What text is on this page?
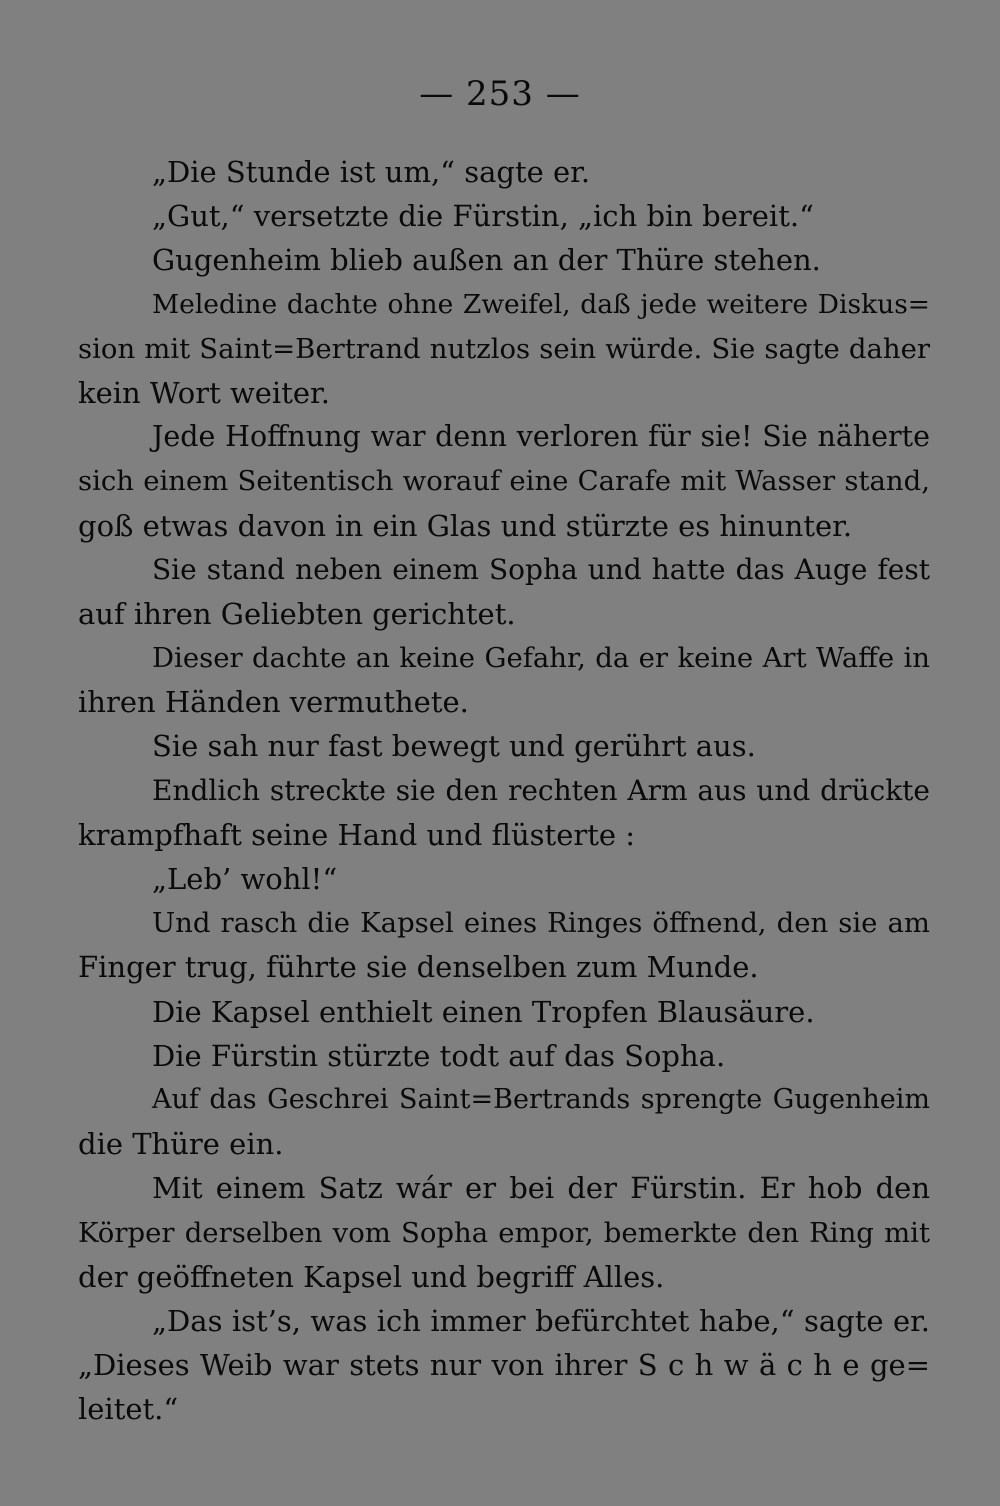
— 253 —
„Die Stunde ist um,“ sagte er.
„Gut,“ versetzte die Fürstin, „ich bin bereit.“
Gugenheim blieb außen an der Thüre stehen.
Meledine dachte ohne Zweifel, daß jede weitere Diskus=
sion mit Saint=Bertrand nutzlos sein würde. Sie sagte daher
kein Wort weiter.
Jede Hoffnung war denn verloren für sie! Sie näherte
sich einem Seitentisch worauf eine Carafe mit Wasser stand,
goß etwas davon in ein Glas und stürzte es hinunter.
Sie stand neben einem Sopha und hatte das Auge fest
auf ihren Geliebten gerichtet.
Dieser dachte an keine Gefahr, da er keine Art Waffe in
ihren Händen vermuthete.
Sie sah nur fast bewegt und gerührt aus.
Endlich streckte sie den rechten Arm aus und drückte
krampfhaft seine Hand und flüsterte :
„Leb’ wohl!“
Und rasch die Kapsel eines Ringes öffnend, den sie am
Finger trug, führte sie denselben zum Munde.
Die Kapsel enthielt einen Tropfen Blausäure.
Die Fürstin stürzte todt auf das Sopha.
Auf das Geschrei Saint=Bertrands sprengte Gugenheim
die Thüre ein.
Mit einem Satz wár er bei der Fürstin. Er hob den
Körper derselben vom Sopha empor, bemerkte den Ring mit
der geöffneten Kapsel und begriff Alles.
„Das ist’s, was ich immer befürchtet habe,“ sagte er.
„Dieses Weib war stets nur von ihrer S c h w ä c h e ge=
leitet.“
